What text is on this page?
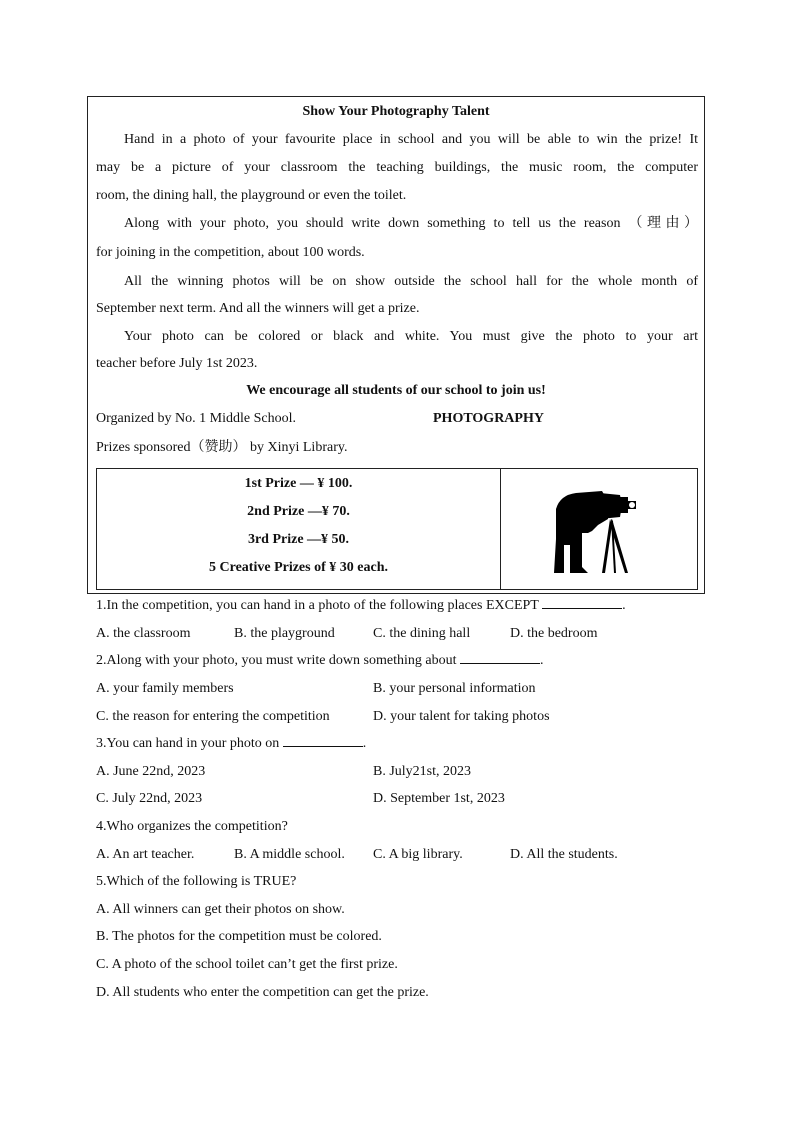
Show Your Photography Talent
Hand in a photo of your favourite place in school and you will be able to win the prize! It
may be a picture of your classroom the teaching buildings, the music room, the computer
room, the dining hall, the playground or even the toilet.
Along with your photo, you should write down something to tell us the reason （理由）
for joining in the competition, about 100 words.
All the winning photos will be on show outside the school hall for the whole month of
September next term. And all the winners will get a prize.
Your photo can be colored or black and white. You must give the photo to your art
teacher before July 1st 2023.
We encourage all students of our school to join us!
Organized by No. 1 Middle School.	PHOTOGRAPHY
Prizes sponsored（赞助） by Xinyi Library.
1st Prize — ¥ 100.
2nd Prize —¥ 70.
3rd Prize —¥ 50.
5 Creative Prizes of ¥ 30 each.
1.In the competition, you can hand in a photo of the following places EXCEPT	.
A. the classroom	B. the playground	C. the dining hall	D. the bedroom
2.Along with your photo, you must write down something about	.
A. your family members	B. your personal information
C. the reason for entering the competition	D. your talent for taking photos
3.You can hand in your photo on	.
A. June 22nd, 2023	B. July21st, 2023
C. July 22nd, 2023	D. September 1st, 2023
4.Who organizes the competition?
A. An art teacher.	B. A middle school. C. A big library.	D. All the students.
5.Which of the following is TRUE?
A. All winners can get their photos on show.
B. The photos for the competition must be colored.
C. A photo of the school toilet can’t get the first prize.
D. All students who enter the competition can get the prize.
